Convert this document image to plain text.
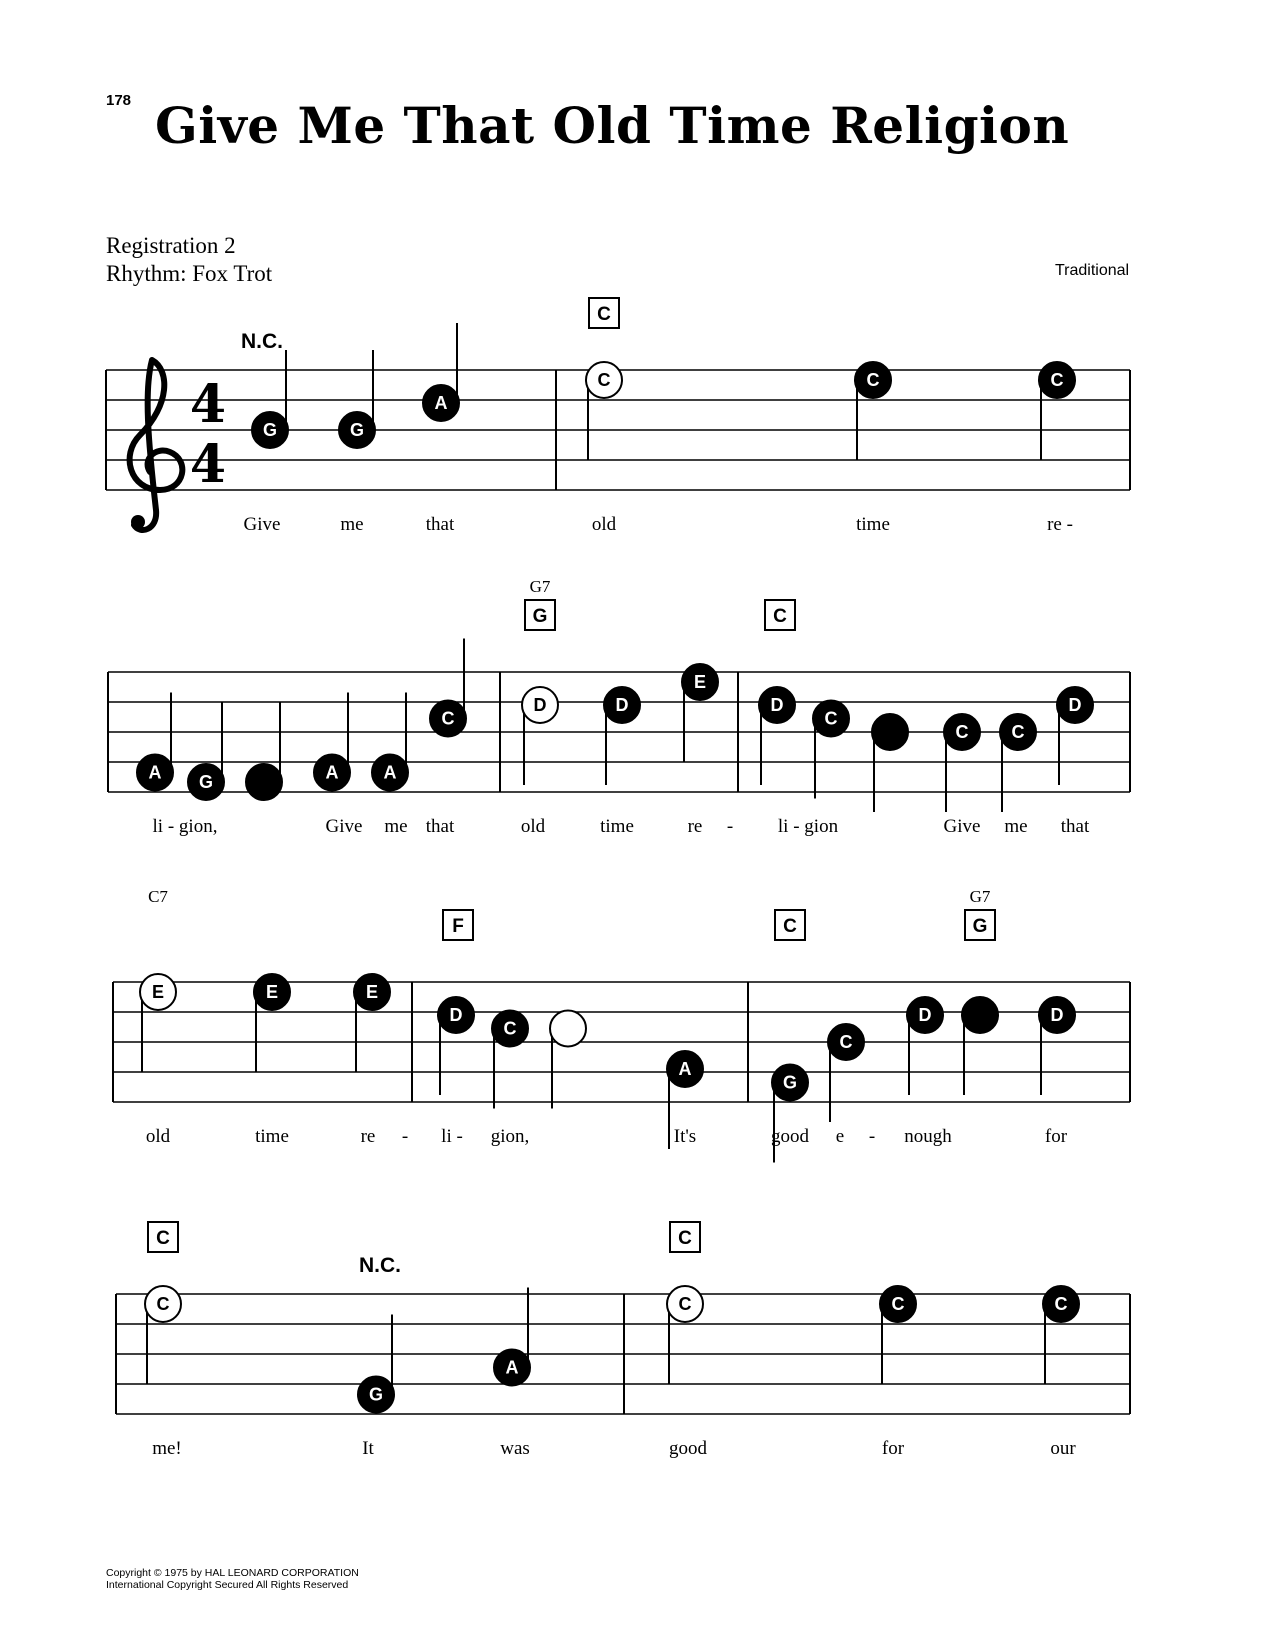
178 Give Me That Old Time Religion
Registration 2
Rhythm: Fox Trot	Traditional
4
4
N.C.
C
G	G
A
C	C	C
Give	me	that	old	time	re -
G7
G	C
A G	A	A
C
D	D
E
D
C
C C
D
li - gion,	Give me that	old	time	re - li - gion	Give me that
C7
F	C
G7
G
E	E	E
D
C
A
G
C
D	D
old	time	re - li - gion,	It's	good e - nough	for
C
N.C.
C
C
G
A
C	C	C
me!	It	was	good	for	our
Copyright © 1975 by HAL LEONARD CORPORATION
International Copyright Secured All Rights Reserved
